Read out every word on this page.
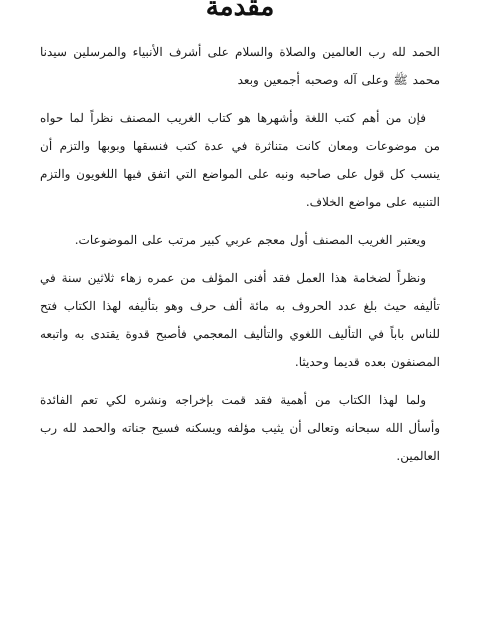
مقدمة

الحمد لله رب العالمين والصلاة والسلام على أشرف الأنبياء والمرسلين سيدنا محمد ﷺ وعلى آله وصحبه أجمعين وبعد

فإن من أهم كتب اللغة وأشهرها هو كتاب الغريب المصنف نظراً لما حواه من موضوعات ومعان كانت متناثرة في عدة كتب فنسقها وبوبها والتزم أن ينسب كل قول على صاحبه ونبه على المواضع التي اتفق فيها اللغويون والتزم التنبيه على مواضع الخلاف.

ويعتبر الغريب المصنف أول معجم عربي كبير مرتب على الموضوعات.

ونظراً لضخامة هذا العمل فقد أفنى المؤلف من عمره زهاء ثلاثين سنة في تأليفه حيث بلغ عدد الحروف به مائة ألف حرف وهو بتأليفه لهذا الكتاب فتح للناس باباً في التأليف اللغوي والتأليف المعجمي فأصبح قدوة يقتدى به واتبعه المصنفون بعده قديما وحديثا.

ولما لهذا الكتاب من أهمية فقد قمت بإخراجه ونشره لكي تعم الفائدة وأسأل الله سبحانه وتعالى أن يثيب مؤلفه ويسكنه فسيح جناته والحمد لله رب العالمين.
